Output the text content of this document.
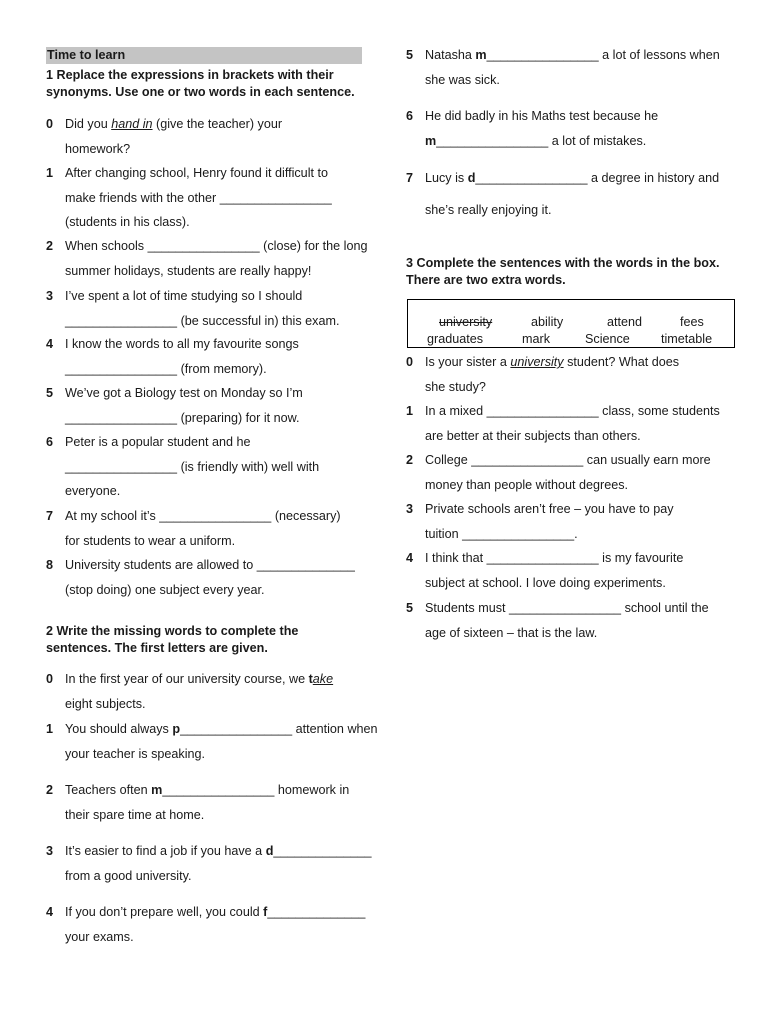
Time to learn
1 Replace the expressions in brackets with their
synonyms. Use one or two words in each sentence.
0 Did you hand in (give the teacher) your
homework?
1 After changing school, Henry found it difficult to
make friends with the other ________________
(students in his class).
2 When schools ________________ (close) for the long
summer holidays, students are really happy!
3 I’ve spent a lot of time studying so I should
________________ (be successful in) this exam.
4 I know the words to all my favourite songs
________________ (from memory).
5 We’ve got a Biology test on Monday so I’m
________________ (preparing) for it now.
6 Peter is a popular student and he
________________ (is friendly with) well with
everyone.
7 At my school it’s ________________ (necessary)
for students to wear a uniform.
8 University students are allowed to ______________
(stop doing) one subject every year.
2 Write the missing words to complete the
sentences. The first letters are given.
0 In the first year of our university course, we take
eight subjects.
1 You should always p________________ attention when
your teacher is speaking.
2 Teachers often m________________ homework in
their spare time at home.
3 It’s easier to find a job if you have a d______________
from a good university.
4 If you don’t prepare well, you could f______________
your exams.
5 Natasha m________________ a lot of lessons when
she was sick.
6 He did badly in his Maths test because he
m________________ a lot of mistakes.
7 Lucy is d________________ a degree in history and
she’s really enjoying it.
3 Complete the sentences with the words in the box.
There are two extra words.
university	ability	attend	fees
graduates	mark	Science timetable
0 Is your sister a university student? What does
she study?
1 In a mixed ________________ class, some students
are better at their subjects than others.
2 College ________________ can usually earn more
money than people without degrees.
3 Private schools aren’t free – you have to pay
tuition ________________.
4 I think that ________________ is my favourite
subject at school. I love doing experiments.
5 Students must ________________ school until the
age of sixteen – that is the law.
